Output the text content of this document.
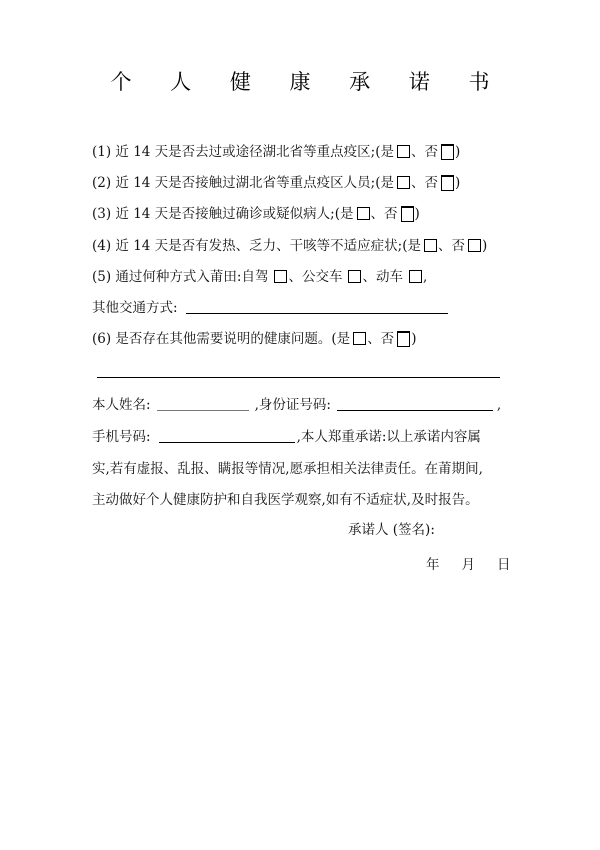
个 人 健 康 承 诺 书
(1) 近 14 天是否去过或途径湖北省等重点疫区;(是 、否 )
(2) 近 14 天是否接触过湖北省等重点疫区人员;(是 、否 )
(3) 近 14 天是否接触过确诊或疑似病人;(是 、否 )
(4) 近 14 天是否有发热、乏力、干咳等不适应症状;(是 、否 )
(5) 通过何种方式入莆田:自驾 、公交车 、动车 ,
其他交通方式:
(6) 是否存在其他需要说明的健康问题。(是 、否 )
本人姓名:	,身份证号码:	,
手机号码:	,本人郑重承诺:以上承诺内容属
实,若有虚报、乱报、瞒报等情况,愿承担相关法律责任。在莆期间,
主动做好个人健康防护和自我医学观察,如有不适症状,及时报告。
承诺人 (签名):
年 月 日
